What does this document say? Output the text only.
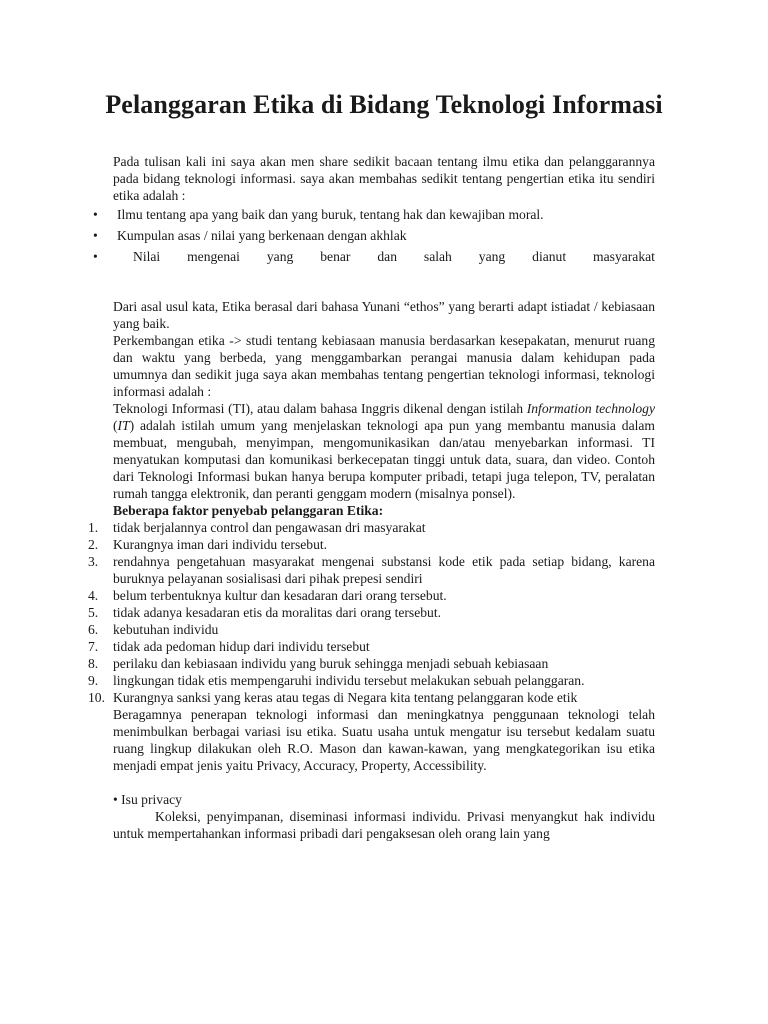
Pelanggaran Etika di Bidang Teknologi Informasi

Pada tulisan kali ini saya akan men share sedikit bacaan tentang ilmu etika dan pelanggarannya pada bidang teknologi informasi. saya akan membahas sedikit tentang pengertian etika itu sendiri etika adalah :

• Ilmu tentang apa yang baik dan yang buruk, tentang hak dan kewajiban moral.

• Kumpulan asas / nilai yang berkenaan dengan akhlak

•	Nilai mengenai yang benar dan salah yang dianut masyarakat

Dari asal usul kata, Etika berasal dari bahasa Yunani “ethos” yang berarti adapt istiadat / kebiasaan yang baik.

Perkembangan etika -> studi tentang kebiasaan manusia berdasarkan kesepakatan, menurut ruang dan waktu yang berbeda, yang menggambarkan perangai manusia dalam kehidupan pada umumnya dan sedikit juga saya akan membahas tentang pengertian teknologi informasi, teknologi informasi adalah :

Teknologi Informasi (TI), atau dalam bahasa Inggris dikenal dengan istilah Information technology (IT) adalah istilah umum yang menjelaskan teknologi apa pun yang membantu manusia dalam membuat, mengubah, menyimpan, mengomunikasikan dan/atau menyebarkan informasi. TI menyatukan komputasi dan komunikasi berkecepatan tinggi untuk data, suara, dan video. Contoh dari Teknologi Informasi bukan hanya berupa komputer pribadi, tetapi juga telepon, TV, peralatan rumah tangga elektronik, dan peranti genggam modern (misalnya ponsel).

Beberapa faktor penyebab pelanggaran Etika:

1. tidak berjalannya control dan pengawasan dri masyarakat

2. Kurangnya iman dari individu tersebut.

3. rendahnya pengetahuan masyarakat mengenai substansi kode etik pada setiap bidang, karena buruknya pelayanan sosialisasi dari pihak prepesi sendiri

4. belum terbentuknya kultur dan kesadaran dari orang tersebut.

5. tidak adanya kesadaran etis da moralitas dari orang tersebut.

6. kebutuhan individu

7. tidak ada pedoman hidup dari individu tersebut

8. perilaku dan kebiasaan individu yang buruk sehingga menjadi sebuah kebiasaan

9. lingkungan tidak etis mempengaruhi individu tersebut melakukan sebuah pelanggaran.

10. Kurangnya sanksi yang keras atau tegas di Negara kita tentang pelanggaran kode etik

Beragamnya penerapan teknologi informasi dan meningkatnya penggunaan teknologi telah menimbulkan berbagai variasi isu etika. Suatu usaha untuk mengatur isu tersebut kedalam suatu ruang lingkup dilakukan oleh R.O. Mason dan kawan-kawan, yang mengkategorikan isu etika menjadi empat jenis yaitu Privacy, Accuracy, Property, Accessibility.

• Isu privacy

Koleksi, penyimpanan, diseminasi informasi individu. Privasi menyangkut hak individu untuk mempertahankan informasi pribadi dari pengaksesan oleh orang lain yang
